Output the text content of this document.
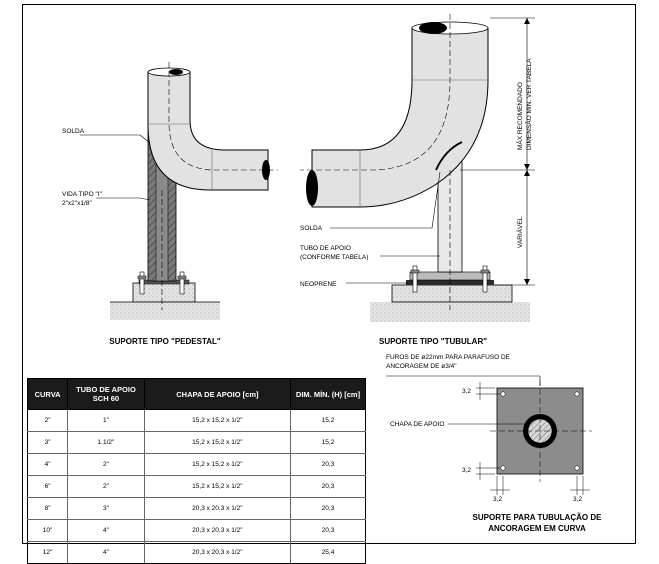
SOLDA
VIDA TIPO "I"
2"x2"x1/8"
SUPORTE TIPO "PEDESTAL"
MÁX RECOMENDADO DIMENSÃO MIN. VER TABELA
VARIÁVEL
SOLDA
TUBO DE APOIO
(CONFORME TABELA)
NEOPRENE
SUPORTE TIPO "TUBULAR"
FUROS DE ø22mm PARA PARAFUSO DE
ANCORAGEM DE ø3/4"
CHAPA DE APOIO
3,2
3,2
3,2	3,2
SUPORTE PARA TUBULAÇÃO DE
ANCORAGEM EM CURVA
CURVA	TUBO DE APOIO SCH 60	CHAPA DE APOIO [cm]	DIM. MÍN. (H) [cm]
2"	1"	15,2 x 15,2 x 1/2"	15,2
3"	1.1/2"	15,2 x 15,2 x 1/2"	15,2
4"	2"	15,2 x 15,2 x 1/2"	20,3
6"	2"	15,2 x 15,2 x 1/2"	20,3
8"	3"	20,3 x 20,3 x 1/2"	20,3
10"	4"	20,3 x 20,3 x 1/2"	20,3
12"	4"	20,3 x 20,3 x 1/2"	25,4
